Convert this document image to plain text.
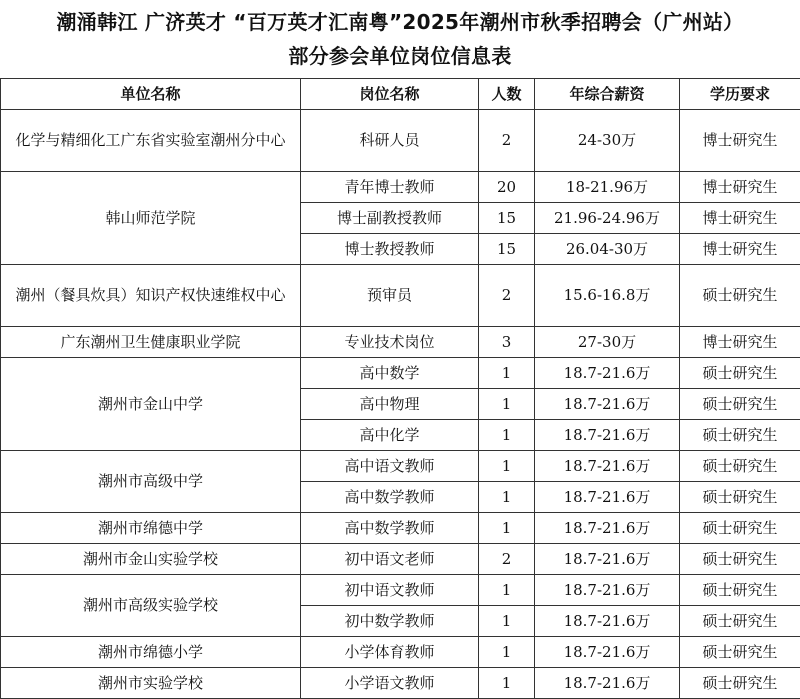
潮涌韩江 广济英才 “百万英才汇南粤”2025年潮州市秋季招聘会（广州站）
部分参会单位岗位信息表
单位名称	岗位名称	人数	年综合薪资	学历要求
化学与精细化工广东省实验室潮州分中心	科研人员	2	24-30万	博士研究生
韩山师范学院	青年博士教师	20	18-21.96万	博士研究生
	博士副教授教师	15	21.96-24.96万	博士研究生
	博士教授教师	15	26.04-30万	博士研究生
潮州（餐具炊具）知识产权快速维权中心	预审员	2	15.6-16.8万	硕士研究生
广东潮州卫生健康职业学院	专业技术岗位	3	27-30万	博士研究生
潮州市金山中学	高中数学	1	18.7-21.6万	硕士研究生
	高中物理	1	18.7-21.6万	硕士研究生
	高中化学	1	18.7-21.6万	硕士研究生
潮州市高级中学	高中语文教师	1	18.7-21.6万	硕士研究生
	高中数学教师	1	18.7-21.6万	硕士研究生
潮州市绵德中学	高中数学教师	1	18.7-21.6万	硕士研究生
潮州市金山实验学校	初中语文老师	2	18.7-21.6万	硕士研究生
潮州市高级实验学校	初中语文教师	1	18.7-21.6万	硕士研究生
	初中数学教师	1	18.7-21.6万	硕士研究生
潮州市绵德小学	小学体育教师	1	18.7-21.6万	硕士研究生
潮州市实验学校	小学语文教师	1	18.7-21.6万	硕士研究生
